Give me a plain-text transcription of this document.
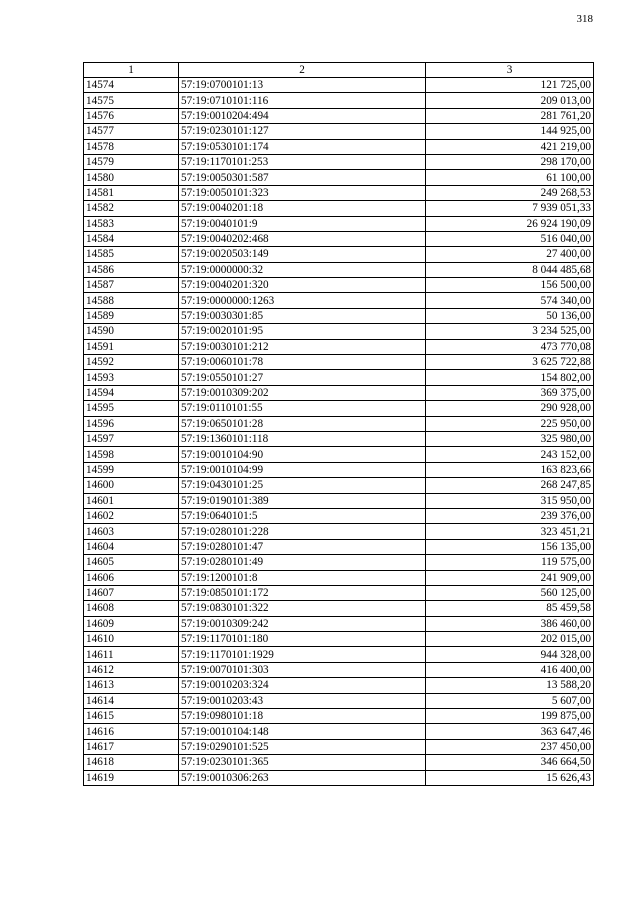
318
1	2	3
14574	57:19:0700101:13	121 725,00
14575	57:19:0710101:116	209 013,00
14576	57:19:0010204:494	281 761,20
14577	57:19:0230101:127	144 925,00
14578	57:19:0530101:174	421 219,00
14579	57:19:1170101:253	298 170,00
14580	57:19:0050301:587	61 100,00
14581	57:19:0050101:323	249 268,53
14582	57:19:0040201:18	7 939 051,33
14583	57:19:0040101:9	26 924 190,09
14584	57:19:0040202:468	516 040,00
14585	57:19:0020503:149	27 400,00
14586	57:19:0000000:32	8 044 485,68
14587	57:19:0040201:320	156 500,00
14588	57:19:0000000:1263	574 340,00
14589	57:19:0030301:85	50 136,00
14590	57:19:0020101:95	3 234 525,00
14591	57:19:0030101:212	473 770,08
14592	57:19:0060101:78	3 625 722,88
14593	57:19:0550101:27	154 802,00
14594	57:19:0010309:202	369 375,00
14595	57:19:0110101:55	290 928,00
14596	57:19:0650101:28	225 950,00
14597	57:19:1360101:118	325 980,00
14598	57:19:0010104:90	243 152,00
14599	57:19:0010104:99	163 823,66
14600	57:19:0430101:25	268 247,85
14601	57:19:0190101:389	315 950,00
14602	57:19:0640101:5	239 376,00
14603	57:19:0280101:228	323 451,21
14604	57:19:0280101:47	156 135,00
14605	57:19:0280101:49	119 575,00
14606	57:19:1200101:8	241 909,00
14607	57:19:0850101:172	560 125,00
14608	57:19:0830101:322	85 459,58
14609	57:19:0010309:242	386 460,00
14610	57:19:1170101:180	202 015,00
14611	57:19:1170101:1929	944 328,00
14612	57:19:0070101:303	416 400,00
14613	57:19:0010203:324	13 588,20
14614	57:19:0010203:43	5 607,00
14615	57:19:0980101:18	199 875,00
14616	57:19:0010104:148	363 647,46
14617	57:19:0290101:525	237 450,00
14618	57:19:0230101:365	346 664,50
14619	57:19:0010306:263	15 626,43
